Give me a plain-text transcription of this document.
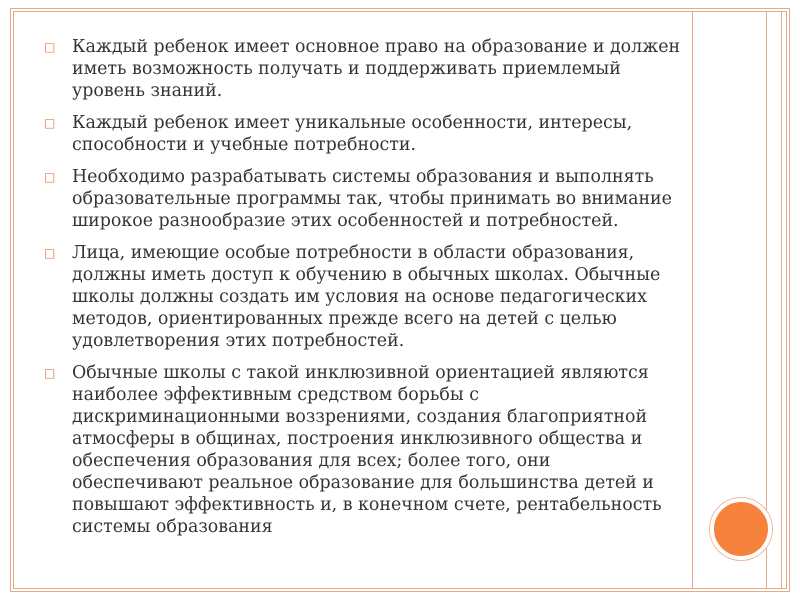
□ Каждый ребенок имеет основное право на образование и должен иметь возможность получать и поддерживать приемлемый уровень знаний.
□ Каждый ребенок имеет уникальные особенности, интересы, способности и учебные потребности.
□ Необходимо разрабатывать системы образования и выполнять образовательные программы так, чтобы принимать во внимание широкое разнообразие этих особенностей и потребностей.
□ Лица, имеющие особые потребности в области образования, должны иметь доступ к обучению в обычных школах. Обычные школы должны создать им условия на основе педагогических методов, ориентированных прежде всего на детей с целью удовлетворения этих потребностей.
□ Обычные школы с такой инклюзивной ориентацией являются наиболее эффективным средством борьбы с дискриминационными воззрениями, создания благоприятной атмосферы в общинах, построения инклюзивного общества и обеспечения образования для всех; более того, они обеспечивают реальное образование для большинства детей и повышают эффективность и, в конечном счете, рентабельность системы образования
